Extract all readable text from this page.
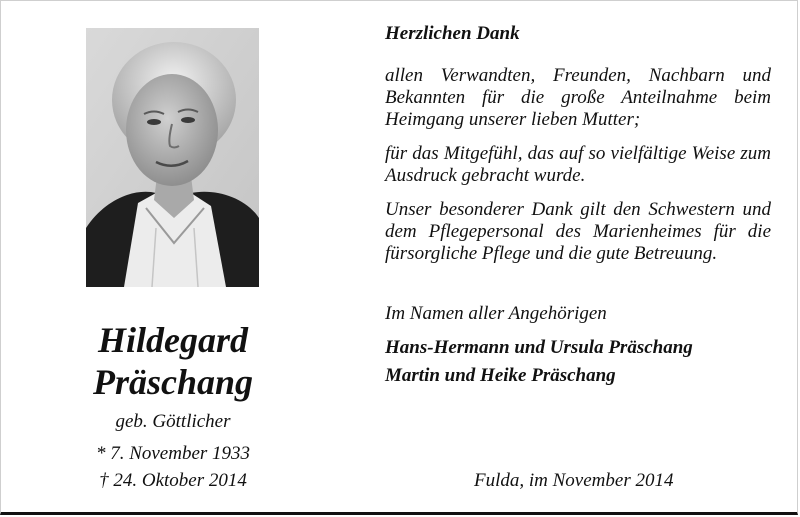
Hildegard
Präschang
geb. Göttlicher
* 7. November 1933
† 24. Oktober 2014
Herzlichen Dank
allen Verwandten, Freunden, Nachbarn und Bekannten für die große Anteilnahme beim Heimgang unserer lieben Mutter;
für das Mitgefühl, das auf so vielfältige Weise zum Ausdruck gebracht wurde.
Unser besonderer Dank gilt den Schwestern und dem Pflegepersonal des Marienheimes für die fürsorgliche Pflege und die gute Betreuung.
Im Namen aller Angehörigen
Hans-Hermann und Ursula Präschang
Martin und Heike Präschang
Fulda, im November 2014
